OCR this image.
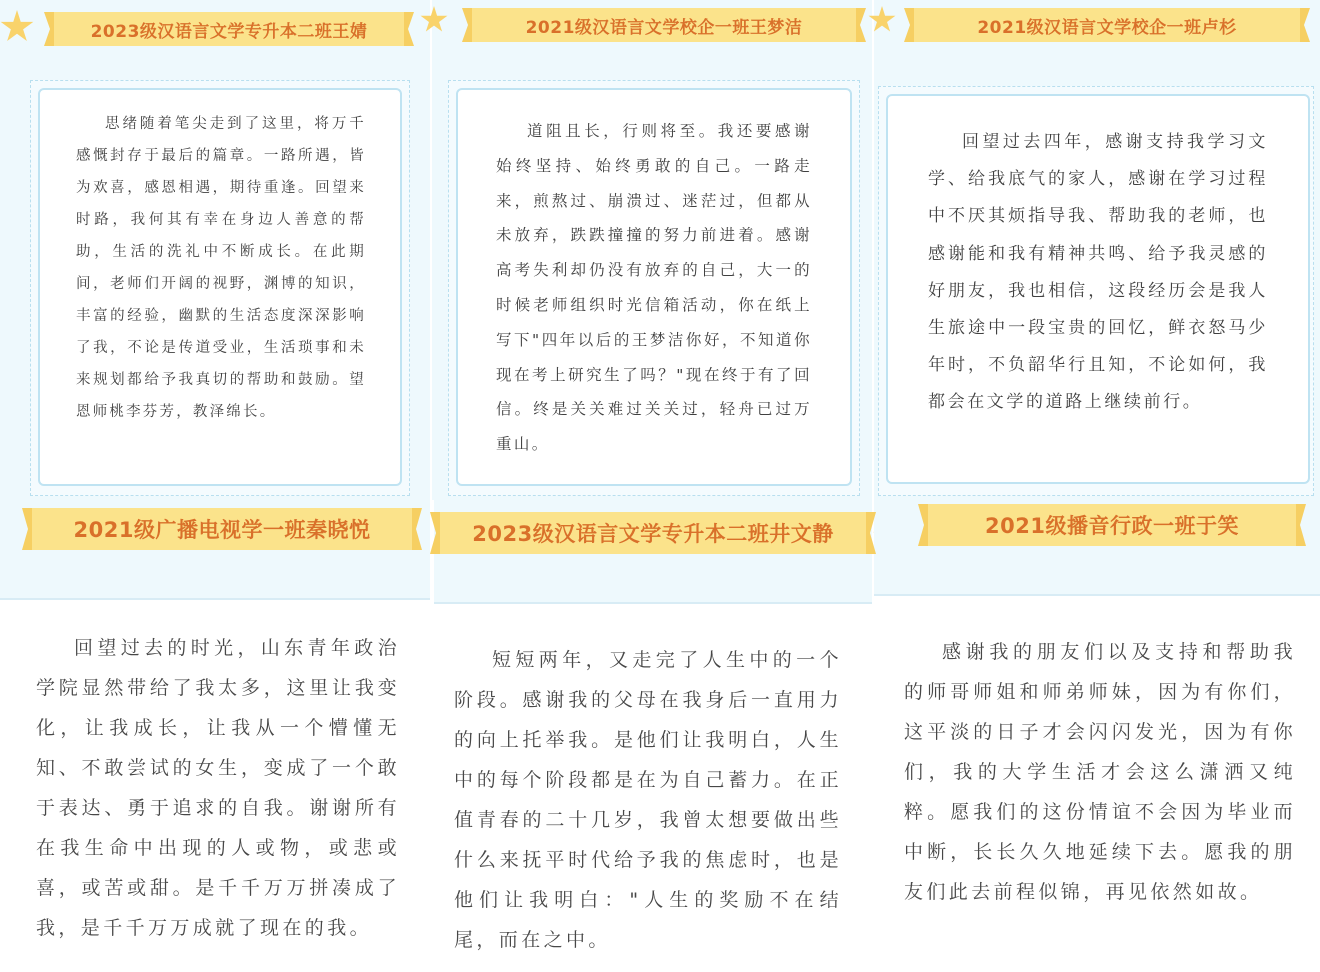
2023级汉语言文学专升本二班王婧

思绪随着笔尖走到了这里，将万千感慨封存于最后的篇章。一路所遇，皆为欢喜，感恩相遇，期待重逢。回望来时路，我何其有幸在身边人善意的帮助，生活的洗礼中不断成长。在此期间，老师们开阔的视野，渊博的知识，丰富的经验，幽默的生活态度深深影响了我，不论是传道受业，生活琐事和未来规划都给予我真切的帮助和鼓励。望恩师桃李芬芳，教泽绵长。

2021级汉语言文学校企一班王梦洁

道阻且长，行则将至。我还要感谢始终坚持、始终勇敢的自己。一路走来，煎熬过、崩溃过、迷茫过，但都从未放弃，跌跌撞撞的努力前进着。感谢高考失利却仍没有放弃的自己，大一的时候老师组织时光信箱活动，你在纸上写下"四年以后的王梦洁你好，不知道你现在考上研究生了吗？"现在终于有了回信。终是关关难过关关过，轻舟已过万重山。

2021级汉语言文学校企一班卢杉

回望过去四年，感谢支持我学习文学、给我底气的家人，感谢在学习过程中不厌其烦指导我、帮助我的老师，也感谢能和我有精神共鸣、给予我灵感的好朋友，我也相信，这段经历会是我人生旅途中一段宝贵的回忆，鲜衣怒马少年时，不负韶华行且知，不论如何，我都会在文学的道路上继续前行。

2021级广播电视学一班秦晓悦	2023级汉语言文学专升本二班井文静	2021级播音行政一班于笑

回望过去的时光，山东青年政治学院显然带给了我太多，这里让我变化，让我成长，让我从一个懵懂无知、不敢尝试的女生，变成了一个敢于表达、勇于追求的自我。谢谢所有在我生命中出现的人或物，或悲或喜，或苦或甜。是千千万万拼凑成了我，是千千万万成就了现在的我。

短短两年，又走完了人生中的一个阶段。感谢我的父母在我身后一直用力的向上托举我。是他们让我明白，人生中的每个阶段都是在为自己蓄力。在正值青春的二十几岁，我曾太想要做出些什么来抚平时代给予我的焦虑时，也是他们让我明白："人生的奖励不在结尾，而在之中。

感谢我的朋友们以及支持和帮助我的师哥师姐和师弟师妹，因为有你们，这平淡的日子才会闪闪发光，因为有你们，我的大学生活才会这么潇洒又纯粹。愿我们的这份情谊不会因为毕业而中断，长长久久地延续下去。愿我的朋友们此去前程似锦，再见依然如故。
